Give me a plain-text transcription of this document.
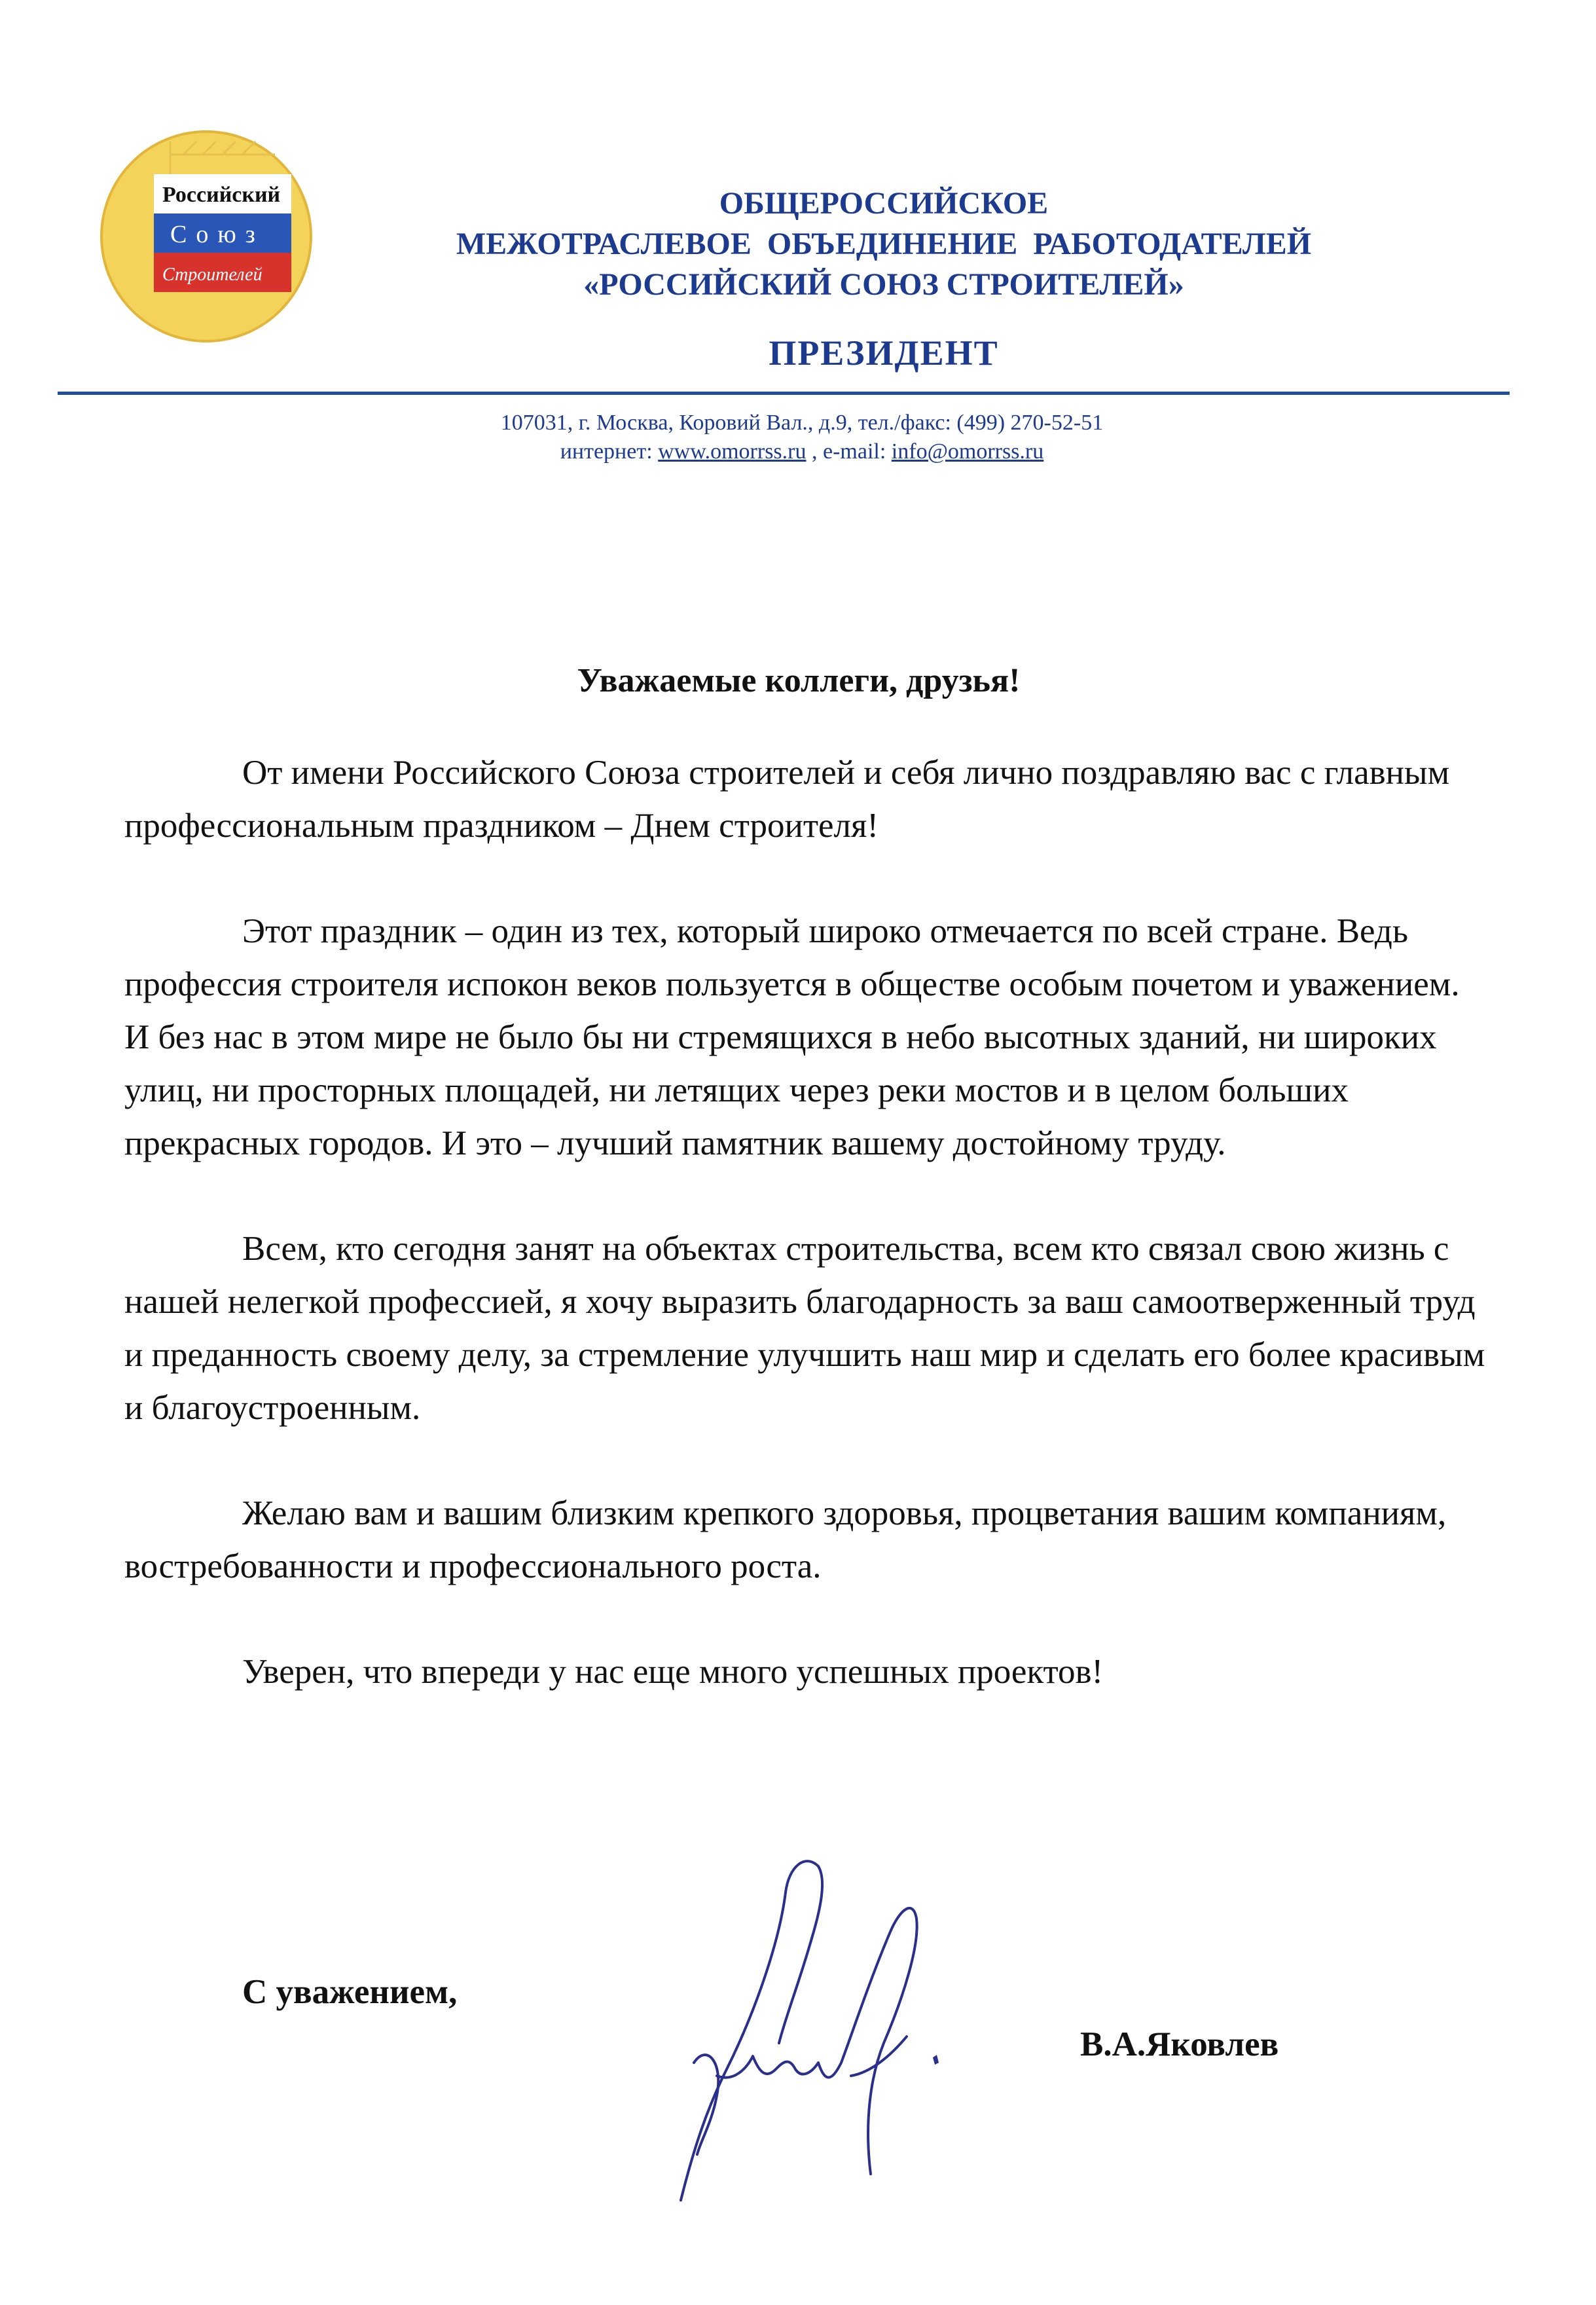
Российский
Союз
Строителей
ОБЩЕРОССИЙСКОЕ
МЕЖОТРАСЛЕВОЕ  ОБЪЕДИНЕНИЕ  РАБОТОДАТЕЛЕЙ
«РОССИЙСКИЙ СОЮЗ СТРОИТЕЛЕЙ»
ПРЕЗИДЕНТ
107031, г. Москва, Коровий Вал., д.9, тел./факс: (499) 270-52-51
интернет: www.omorrss.ru , e-mail: info@omorrss.ru
Уважаемые коллеги, друзья!

От имени Российского Союза строителей и себя лично поздравляю вас с главным профессиональным праздником – Днем строителя!

Этот праздник – один из тех, который широко отмечается по всей стране. Ведь профессия строителя испокон веков пользуется в обществе особым почетом и уважением. И без нас в этом мире не было бы ни стремящихся в небо высотных зданий, ни широких улиц, ни просторных площадей, ни летящих через реки мостов и в целом больших прекрасных городов. И это – лучший памятник вашему достойному труду.

Всем, кто сегодня занят на объектах строительства, всем кто связал свою жизнь с нашей нелегкой профессией, я хочу выразить благодарность за ваш самоотверженный труд и преданность своему делу, за стремление улучшить наш мир и сделать его более красивым и благоустроенным.

Желаю вам и вашим близким крепкого здоровья, процветания вашим компаниям, востребованности и профессионального роста.

Уверен, что впереди у нас еще много успешных проектов!

С уважением,
В.А.Яковлев
